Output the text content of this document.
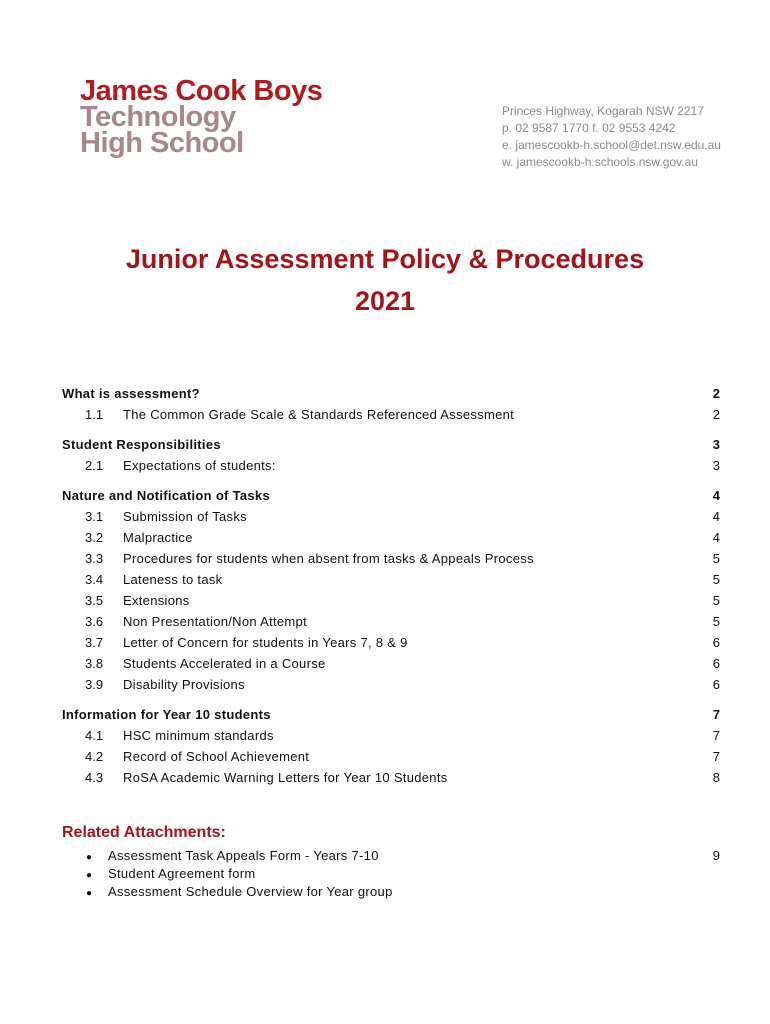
James Cook Boys
Technology
High School
Princes Highway, Kogarah NSW 2217
p. 02 9587 1770 f. 02 9553 4242
e. jamescookb-h.school@det.nsw.edu.au
w. jamescookb-h.schools.nsw.gov.au
Junior Assessment Policy & Procedures
2021
What is assessment?	2
1.1	The Common Grade Scale & Standards Referenced Assessment	2
Student Responsibilities	3
2.1	Expectations of students:	3
Nature and Notification of Tasks	4
3.1	Submission of Tasks	4
3.2	Malpractice	4
3.3	Procedures for students when absent from tasks & Appeals Process	5
3.4	Lateness to task	5
3.5	Extensions	5
3.6	Non Presentation/Non Attempt	5
3.7	Letter of Concern for students in Years 7, 8 & 9	6
3.8	Students Accelerated in a Course	6
3.9	Disability Provisions	6
Information for Year 10 students	7
4.1	HSC minimum standards	7
4.2	Record of School Achievement	7
4.3	RoSA Academic Warning Letters for Year 10 Students	8
Related Attachments:
●	Assessment Task Appeals Form - Years 7-10	9
●	Student Agreement form
●	Assessment Schedule Overview for Year group
